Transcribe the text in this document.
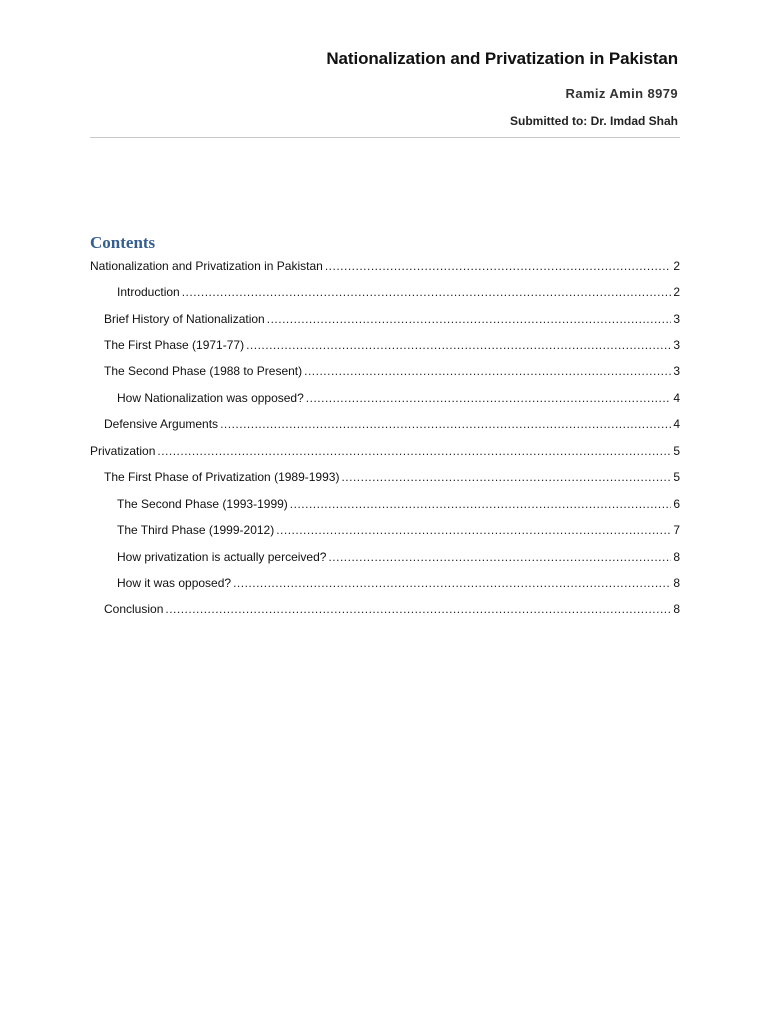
Nationalization and Privatization in Pakistan
Ramiz Amin 8979
Submitted to: Dr. Imdad Shah
Contents
Nationalization and Privatization in Pakistan .....	2
Introduction .....	2
Brief History of Nationalization .....	3
The First Phase (1971-77) .....	3
The Second Phase (1988 to Present) .....	3
How Nationalization was opposed? .....	4
Defensive Arguments .....	4
Privatization .....	5
The First Phase of Privatization (1989-1993) .....	5
The Second Phase (1993-1999) .....	6
The Third Phase (1999-2012) .....	7
How privatization is actually perceived? .....	8
How it was opposed? .....	8
Conclusion .....	8
